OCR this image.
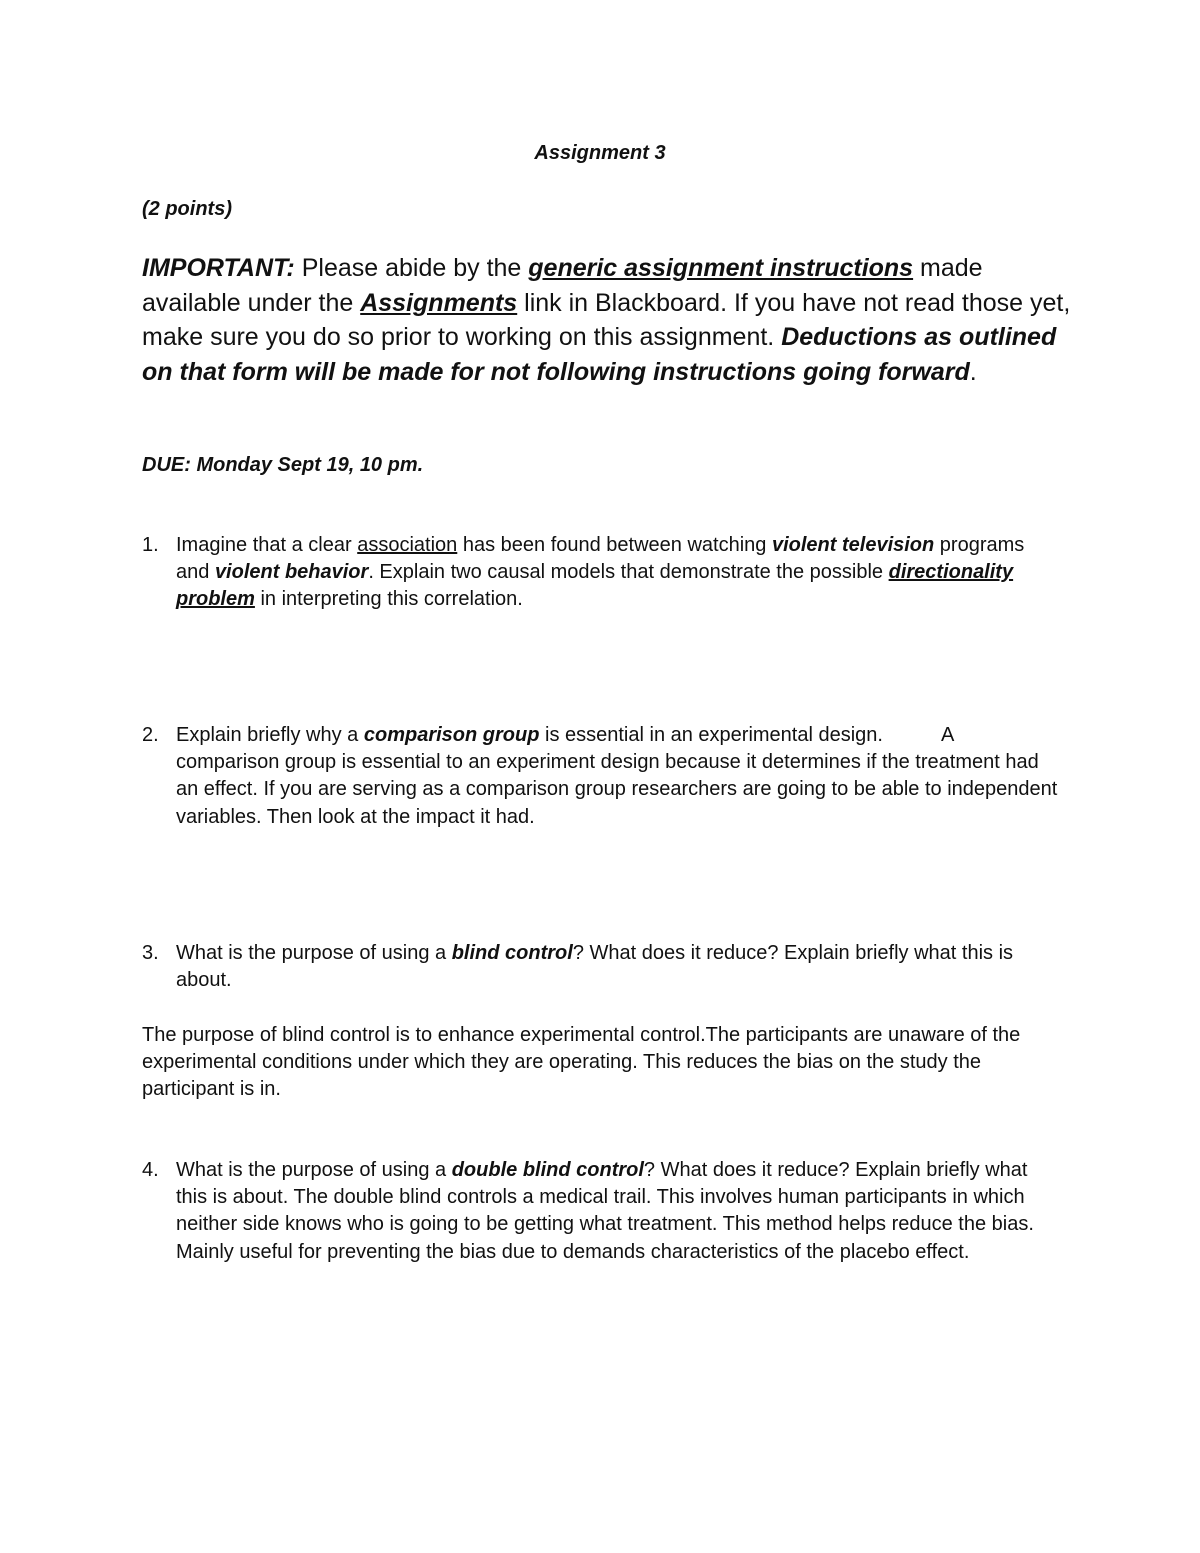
Assignment 3

(2 points)

IMPORTANT: Please abide by the generic assignment instructions made available under the Assignments link in Blackboard. If you have not read those yet, make sure you do so prior to working on this assignment. Deductions as outlined on that form will be made for not following instructions going forward.

DUE: Monday Sept 19, 10 pm.

1. Imagine that a clear association has been found between watching violent television programs and violent behavior. Explain two causal models that demonstrate the possible directionality problem in interpreting this correlation.
2. Explain briefly why a comparison group is essential in an experimental design.	A comparison group is essential to an experiment design because it determines if the treatment had an effect. If you are serving as a comparison group researchers are going to be able to independent variables. Then look at the impact it had.
3. What is the purpose of using a blind control? What does it reduce? Explain briefly what this is about.

The purpose of blind control is to enhance experimental control.The participants are unaware of the experimental conditions under which they are operating. This reduces the bias on the study the participant is in.

4. What is the purpose of using a double blind control? What does it reduce? Explain briefly what this is about. The double blind controls a medical trail. This involves human participants in which neither side knows who is going to be getting what treatment. This method helps reduce the bias. Mainly useful for preventing the bias due to demands characteristics of the placebo effect.
